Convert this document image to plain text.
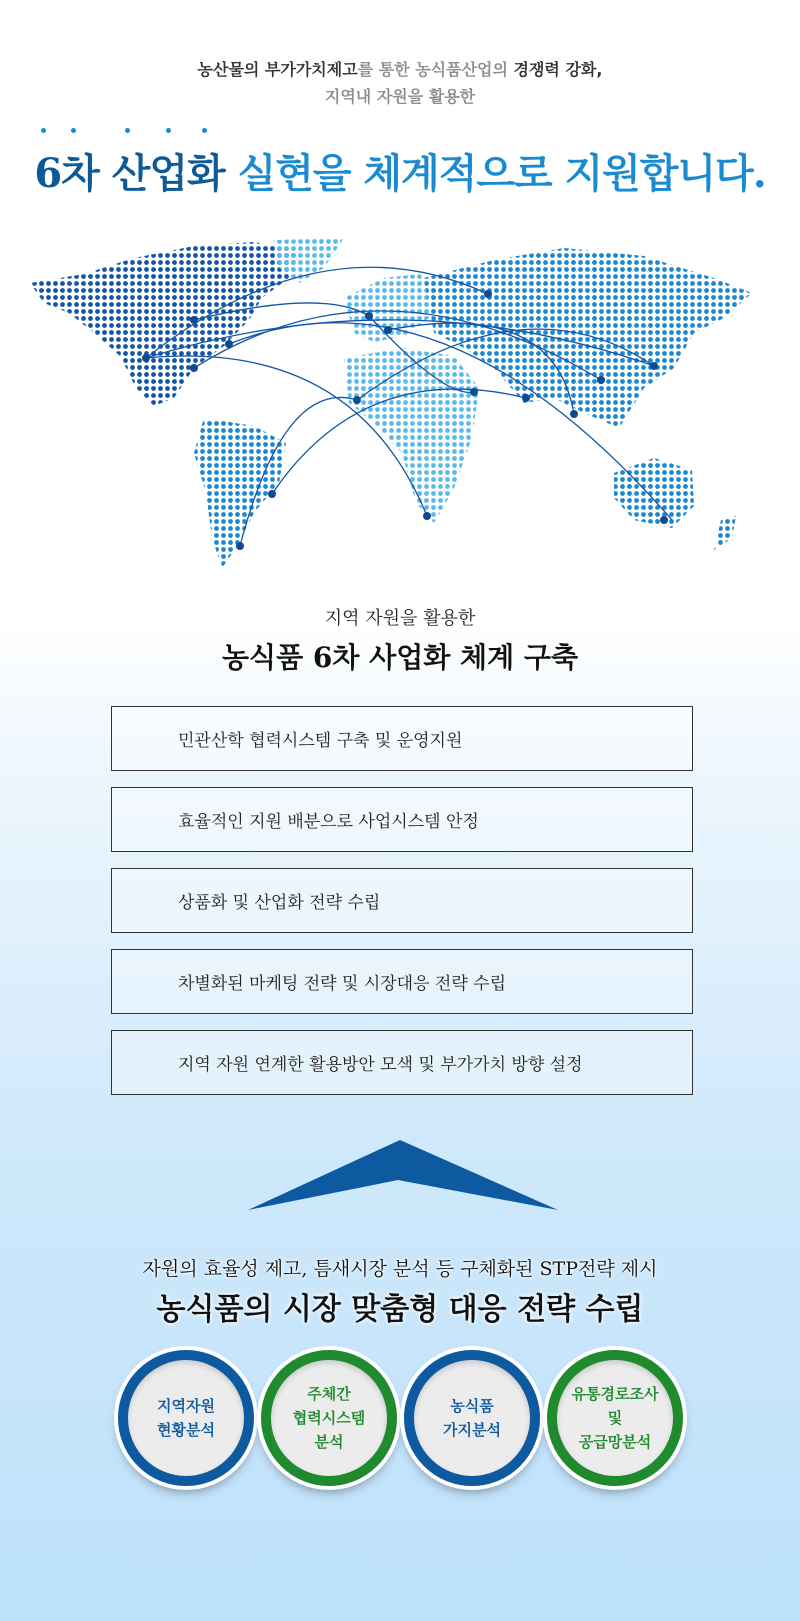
농산물의 부가가치제고를 통한 농식품산업의 경쟁력 강화,
지역내 자원을 활용한
6차 산업화 실현을 체계적으로 지원합니다.
지역 자원을 활용한
농식품 6차 사업화 체계 구축
민관산학 협력시스템 구축 및 운영지원
효율적인 지원 배분으로 사업시스템 안정
상품화 및 산업화 전략 수립
차별화된 마케팅 전략 및 시장대응 전략 수립
지역 자원 연계한 활용방안 모색 및 부가가치 방향 설정
자원의 효율성 제고, 틈새시장 분석 등 구체화된 STP전략 제시
농식품의 시장 맞춤형 대응 전략 수립
지역자원
현황분석
주체간
협력시스템
분석
농식품
가지분석
유통경로조사
및
공급망분석
